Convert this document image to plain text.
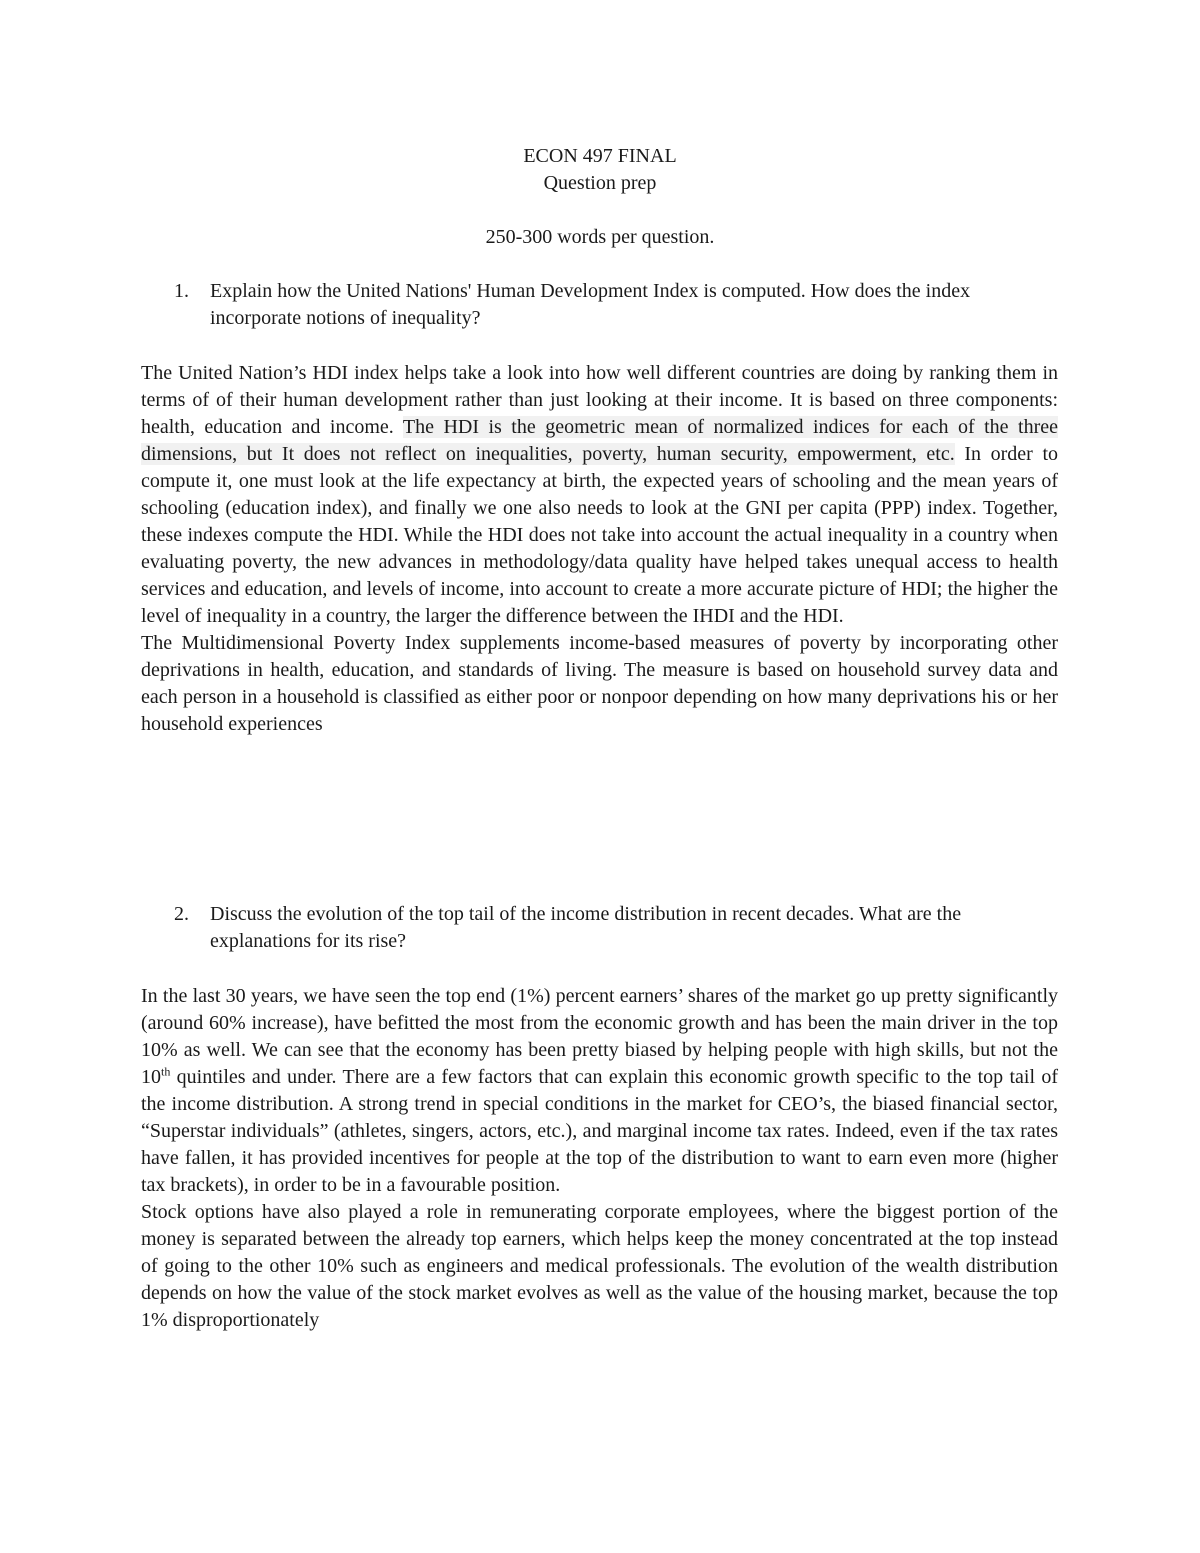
ECON 497 FINAL
Question prep
250-300 words per question.
1. Explain how the United Nations' Human Development Index is computed. How does the index incorporate notions of inequality?

The United Nation’s HDI index helps take a look into how well different countries are doing by ranking them in terms of of their human development rather than just looking at their income. It is based on three components: health, education and income. The HDI is the geometric mean of normalized indices for each of the three dimensions, but It does not reflect on inequalities, poverty, human security, empowerment, etc. In order to compute it, one must look at the life expectancy at birth, the expected years of schooling and the mean years of schooling (education index), and finally we one also needs to look at the GNI per capita (PPP) index. Together, these indexes compute the HDI. While the HDI does not take into account the actual inequality in a country when evaluating poverty, the new advances in methodology/data quality have helped takes unequal access to health services and education, and levels of income, into account to create a more accurate picture of HDI; the higher the level of inequality in a country, the larger the difference between the IHDI and the HDI.

The Multidimensional Poverty Index supplements income-based measures of poverty by incorporating other deprivations in health, education, and standards of living. The measure is based on household survey data and each person in a household is classified as either poor or nonpoor depending on how many deprivations his or her household experiences

2. Discuss the evolution of the top tail of the income distribution in recent decades. What are the explanations for its rise?

In the last 30 years, we have seen the top end (1%) percent earners’ shares of the market go up pretty significantly (around 60% increase), have befitted the most from the economic growth and has been the main driver in the top 10% as well. We can see that the economy has been pretty biased by helping people with high skills, but not the 10th quintiles and under. There are a few factors that can explain this economic growth specific to the top tail of the income distribution. A strong trend in special conditions in the market for CEO’s, the biased financial sector, “Superstar individuals” (athletes, singers, actors, etc.), and marginal income tax rates. Indeed, even if the tax rates have fallen, it has provided incentives for people at the top of the distribution to want to earn even more (higher tax brackets), in order to be in a favourable position.

Stock options have also played a role in remunerating corporate employees, where the biggest portion of the money is separated between the already top earners, which helps keep the money concentrated at the top instead of going to the other 10% such as engineers and medical professionals. The evolution of the wealth distribution depends on how the value of the stock market evolves as well as the value of the housing market, because the top 1% disproportionately
